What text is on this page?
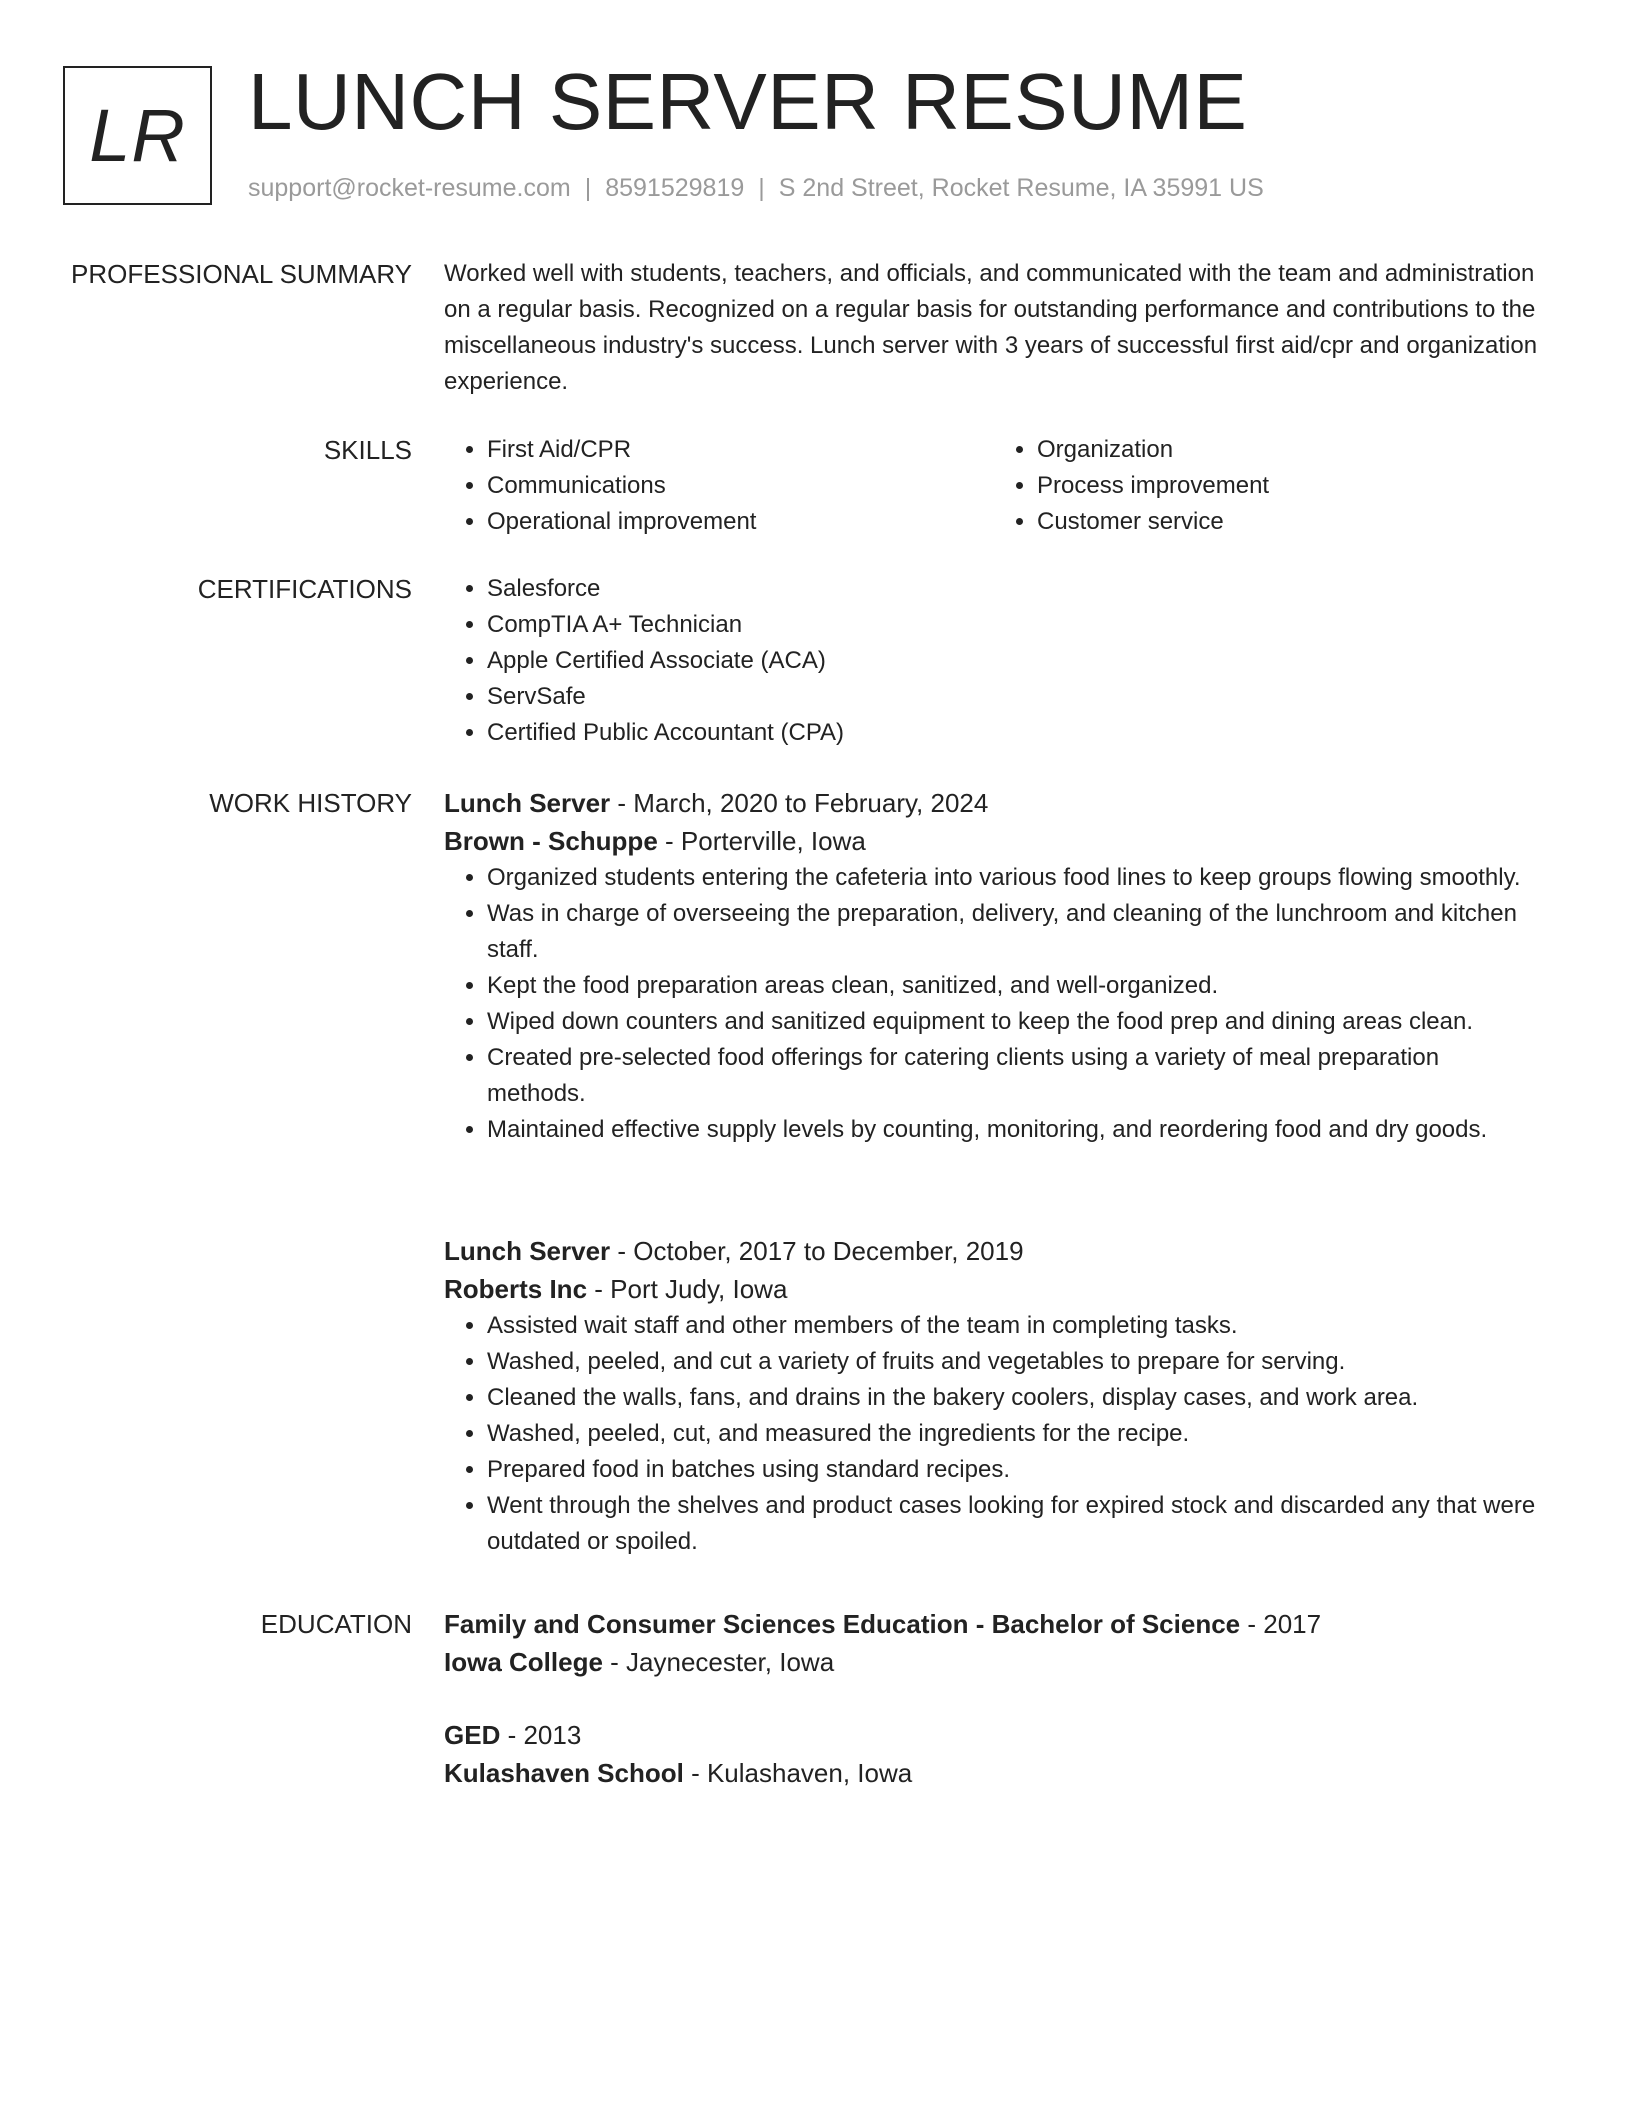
LR LUNCH SERVER RESUME
support@rocket-resume.com | 8591529819 | S 2nd Street, Rocket Resume, IA 35991 US
PROFESSIONAL SUMMARY Worked well with students, teachers, and officials, and communicated with the team and administration on a regular basis. Recognized on a regular basis for outstanding performance and contributions to the miscellaneous industry's success. Lunch server with 3 years of successful first aid/cpr and organization experience.

SKILLS	• First Aid/CPR
• Communications
• Operational improvement
• Organization
• Process improvement
• Customer service
CERTIFICATIONS	• Salesforce
• CompTIA A+ Technician
• Apple Certified Associate (ACA)
• ServSafe
• Certified Public Accountant (CPA)
WORK HISTORY Lunch Server - March, 2020 to February, 2024
Brown - Schuppe - Porterville, Iowa
• Organized students entering the cafeteria into various food lines to keep groups flowing smoothly.
• Was in charge of overseeing the preparation, delivery, and cleaning of the lunchroom and kitchen staff.
• Kept the food preparation areas clean, sanitized, and well-organized.
• Wiped down counters and sanitized equipment to keep the food prep and dining areas clean.
• Created pre-selected food offerings for catering clients using a variety of meal preparation methods.
• Maintained effective supply levels by counting, monitoring, and reordering food and dry goods.
Lunch Server - October, 2017 to December, 2019
Roberts Inc - Port Judy, Iowa
• Assisted wait staff and other members of the team in completing tasks.
• Washed, peeled, and cut a variety of fruits and vegetables to prepare for serving.
• Cleaned the walls, fans, and drains in the bakery coolers, display cases, and work area.
• Washed, peeled, cut, and measured the ingredients for the recipe.
• Prepared food in batches using standard recipes.
• Went through the shelves and product cases looking for expired stock and discarded any that were outdated or spoiled.
EDUCATION Family and Consumer Sciences Education - Bachelor of Science - 2017
Iowa College - Jaynecester, Iowa
GED - 2013
Kulashaven School - Kulashaven, Iowa
